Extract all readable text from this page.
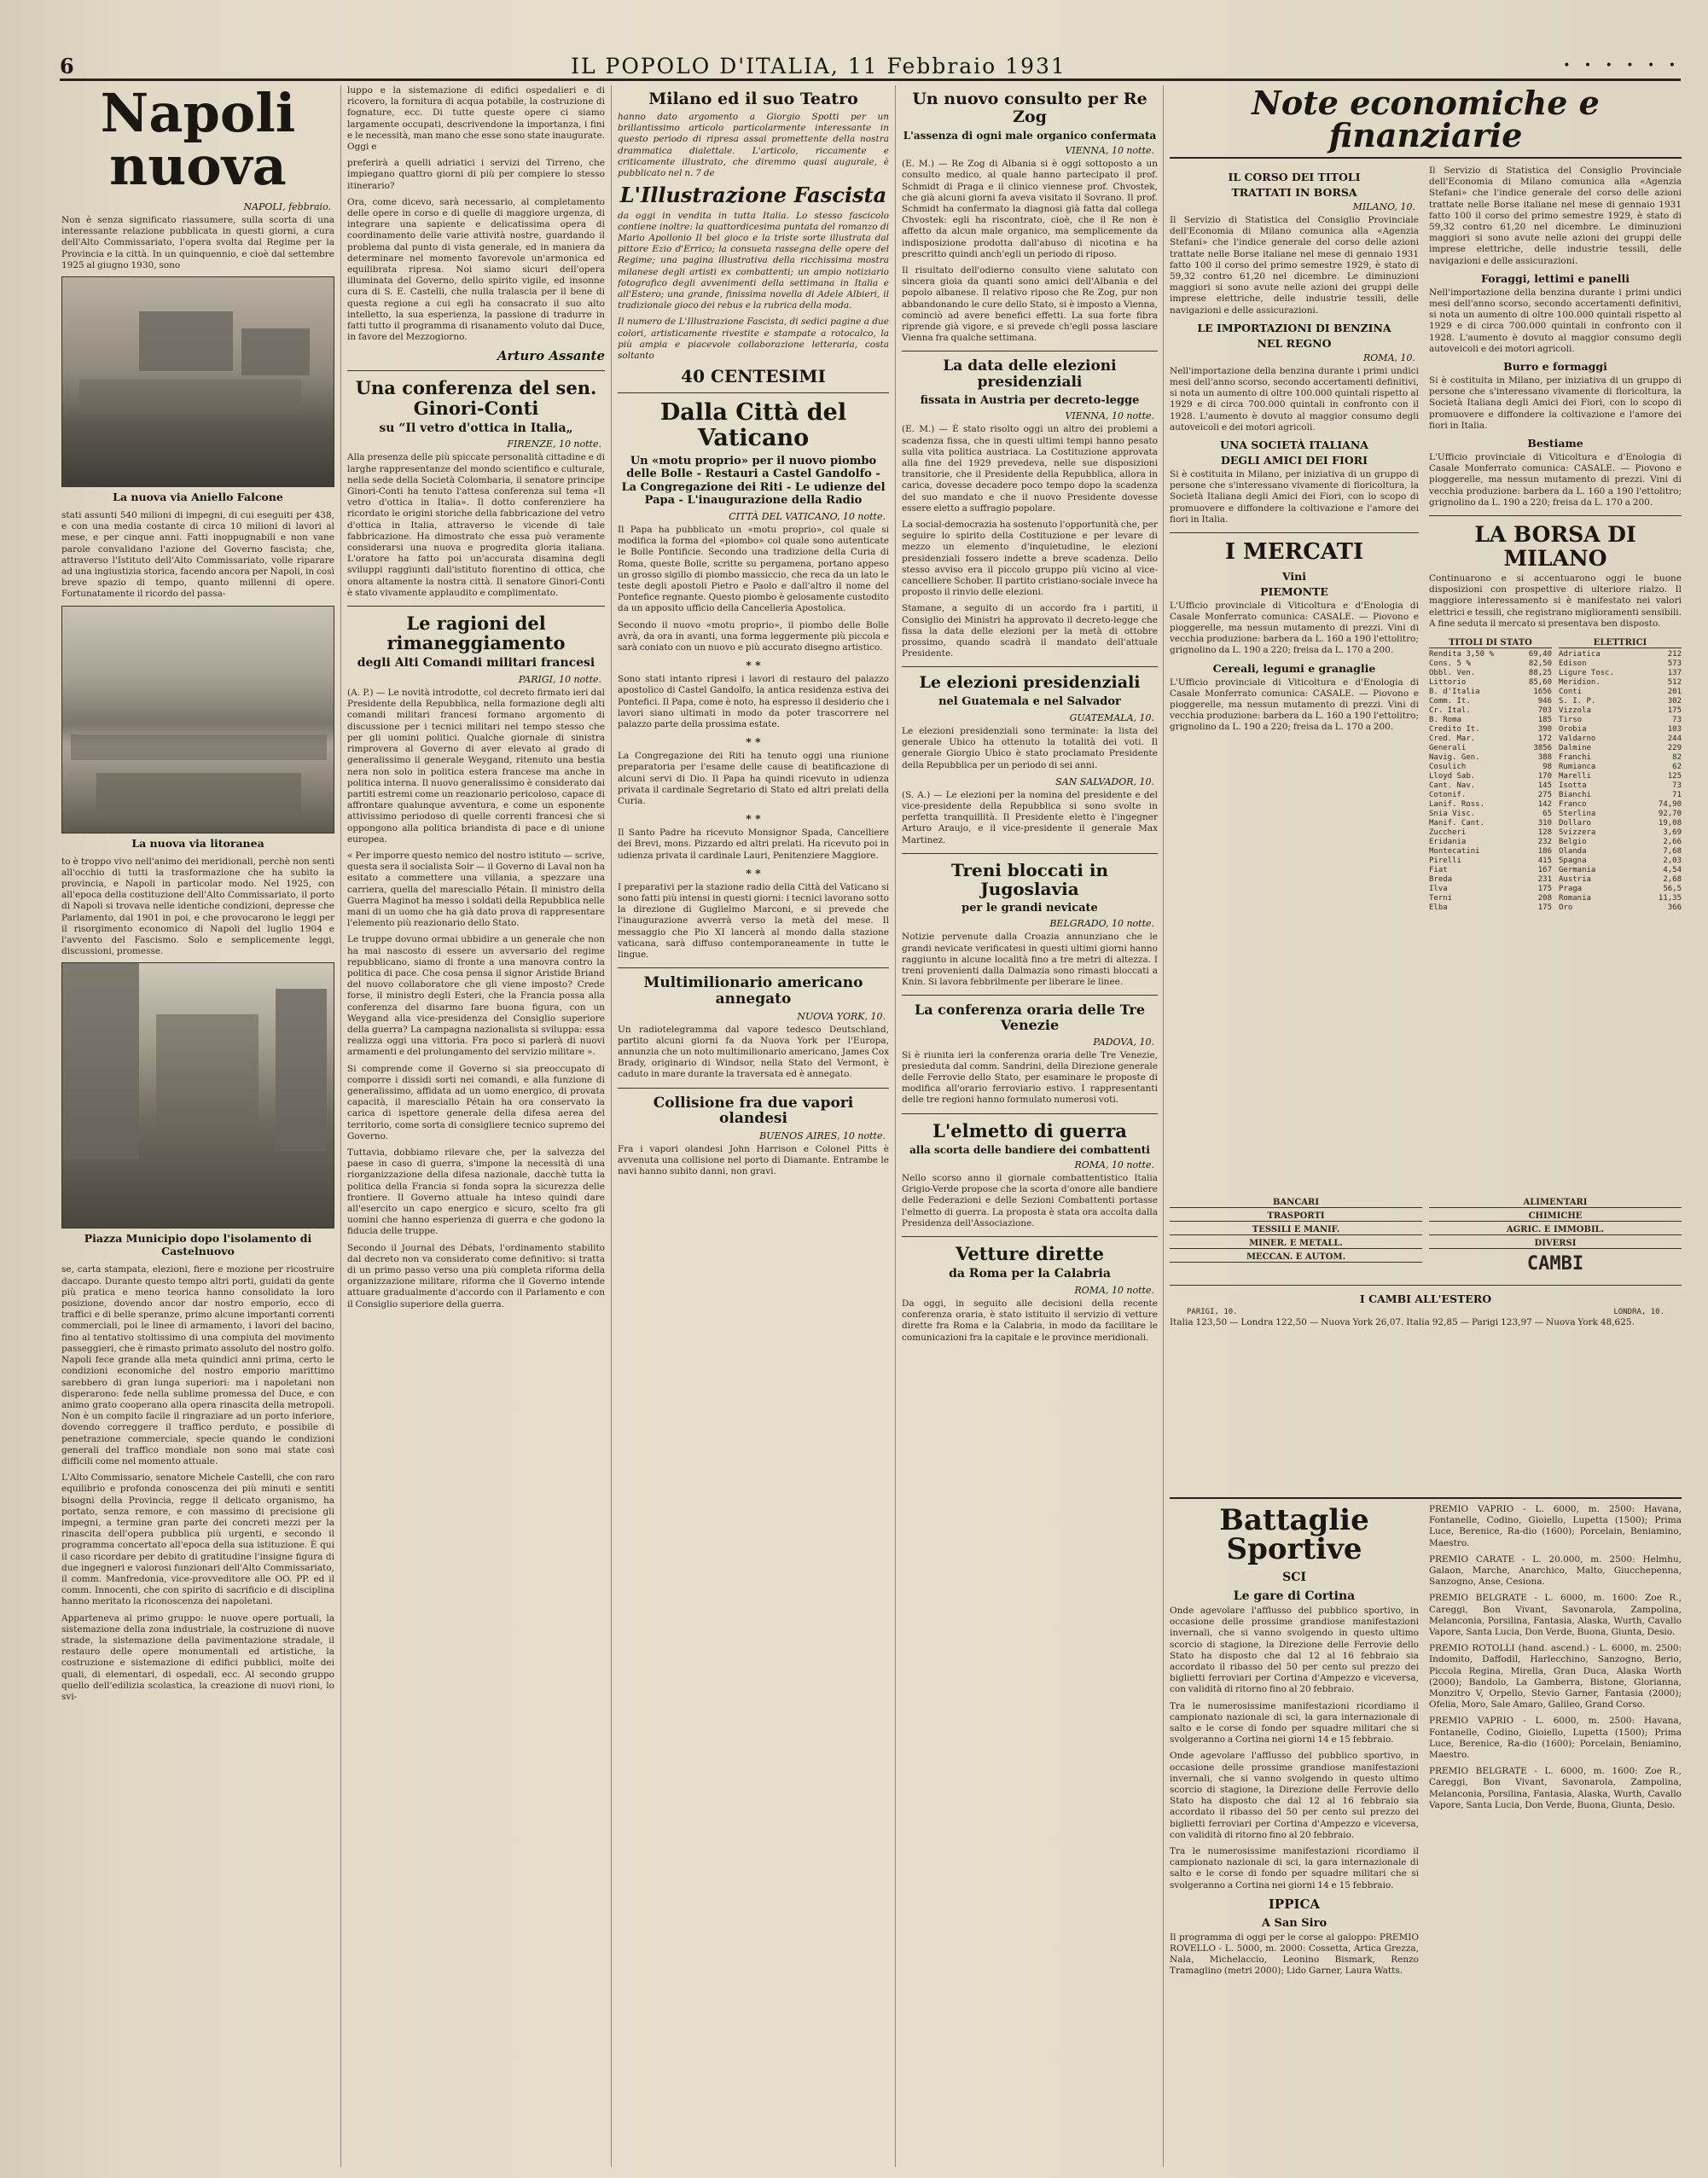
6	IL POPOLO D'ITALIA, 11 Febbraio 1931	• • • • • •
Napoli nuova
NAPOLI, febbraio.

Non è senza significato riassumere, sulla scorta di una interessante relazione pubblicata in questi giorni, a cura dell'Alto Commissariato, l'opera svolta dal Regime per la Provincia e la città. In un quinquennio, e cioè dal settembre 1925 al giugno 1930, sono

La nuova via Aniello Falcone

stati assunti 540 milioni di impegni, di cui eseguiti per 438, e con una media costante di circa 10 milioni di lavori al mese, e per cinque anni. Fatti inoppugnabili e non vane parole convalidano l'azione del Governo fascista; che, attraverso l'Istituto dell'Alto Commissariato, volle riparare ad una ingiustizia storica, facendo ancora per Napoli, in così breve spazio di tempo, quanto millenni di opere. Fortunatamente il ricordo del passa-

La nuova via litoranea

to è troppo vivo nell'animo dei meridionali, perchè non sentì all'occhio di tutti la trasformazione che ha subìto la provincia, e Napoli in particolar modo. Nel 1925, con all'epoca della costituzione dell'Alto Commissariato, il porto di Napoli si trovava nelle identiche condizioni, depresse che Parlamento, dal 1901 in poi, e che provocarono le leggi per il risorgimento economico di Napoli del luglio 1904 e l'avvento del Fascismo. Solo e semplicemente leggi, discussioni, promesse.

Piazza Municipio dopo l'isolamento di Castelnuovo

se, carta stampata, elezioni, fiere e mozione per ricostruire daccapo. Durante questo tempo altri porti, guidati da gente più pratica e meno teorica hanno consolidato la loro posizione, dovendo ancor dar nostro emporio, ecco di traffici e di belle speranze, primo alcune importanti correnti commerciali, poi le linee di armamento, i lavori del bacino, fino al tentativo stoltissimo di una compiuta del movimento passeggieri, che è rimasto primato assoluto del nostro golfo. Napoli fece grande alla meta quindici anni prima, certo le condizioni economiche del nostro emporio marittimo sarebbero di gran lunga superiori: ma i napoletani non disperarono: fede nella sublime promessa del Duce, e con animo grato cooperano alla opera rinascita della metropoli. Non è un compito facile il ringraziare ad un porto inferiore, dovendo correggere il traffico perduto, e possibile di penetrazione commerciale, specie quando le condizioni generali del traffico mondiale non sono mai state così difficili come nel momento attuale.

L'Alto Commissario, senatore Michele Castelli, che con raro equilibrio e profonda conoscenza dei più minuti e sentiti bisogni della Provincia, regge il delicato organismo, ha portato, senza remore, e con massimo di precisione gli impegni, a termine gran parte dei concreti mezzi per la rinascita dell'opera pubblica più urgenti, e secondo il programma concertato all'epoca della sua istituzione. È qui il caso ricordare per debito di gratitudine l'insigne figura di due ingegneri e valorosi funzionari dell'Alto Commissariato, il comm. Manfredonia, vice-provveditore alle OO. PP. ed il comm. Innocenti, che con spirito di sacrificio e di disciplina hanno meritato la riconoscenza dei napoletani.

Apparteneva al primo gruppo: le nuove opere portuali, la sistemazione della zona industriale, la costruzione di nuove strade, la sistemazione della pavimentazione stradale, il restauro delle opere monumentali ed artistiche, la costruzione e sistemazione di edifici pubblici, molte dei quali, di elementari, di ospedali, ecc. Al secondo gruppo quello dell'edilizia scolastica, la creazione di nuovi rioni, lo svi-

luppo e la sistemazione di edifici ospedalieri e di ricovero, la fornitura di acqua potabile, la costruzione di fognature, ecc. Di tutte queste opere ci siamo largamente occupati, descrivendone la importanza, i fini e le necessità, man mano che esse sono state inaugurate. Oggi e

preferirà a quelli adriatici i servizi del Tirreno, che impiegano quattro giorni di più per compiere lo stesso itinerario?

Ora, come dicevo, sarà necessario, al completamento delle opere in corso e di quelle di maggiore urgenza, di integrare una sapiente e delicatissima opera di coordinamento delle varie attività nostre, guardando il problema dal punto di vista generale, ed in maniera da determinare nel momento favorevole un'armonica ed equilibrata ripresa. Noi siamo sicuri dell'opera illuminata del Governo, dello spirito vigile, ed insonne cura di S. E. Castelli, che nulla tralascia per il bene di questa regione a cui egli ha consacrato il suo alto intelletto, la sua esperienza, la passione di tradurre in fatti tutto il programma di risanamento voluto dal Duce, in favore del Mezzogiorno.

Arturo Assante
Una conferenza del sen. Ginori-Conti
su “Il vetro d'ottica in Italia„
FIRENZE, 10 notte.

Alla presenza delle più spiccate personalità cittadine e di larghe rappresentanze del mondo scientifico e culturale, nella sede della Società Colombaria, il senatore principe Ginori-Conti ha tenuto l'attesa conferenza sul tema «Il vetro d'ottica in Italia». Il dotto conferenziere ha ricordato le origini storiche della fabbricazione del vetro d'ottica in Italia, attraverso le vicende di tale fabbricazione. Ha dimostrato che essa può veramente considerarsi una nuova e progredita gloria italiana. L'oratore ha fatto poi un'accurata disamina degli sviluppi raggiunti dall'istituto fiorentino di ottica, che onora altamente la nostra città. Il senatore Ginori-Conti è stato vivamente applaudito e complimentato.

Le ragioni del rimaneggiamento
degli Alti Comandi militari francesi
PARIGI, 10 notte.

(A. P.) — Le novità introdotte, col decreto firmato ieri dal Presidente della Repubblica, nella formazione degli alti comandi militari francesi formano argomento di discussione per i tecnici militari nel tempo stesso che per gli uomini politici. Qualche giornale di sinistra rimprovera al Governo di aver elevato al grado di generalissimo il generale Weygand, ritenuto una bestia nera non solo in politica estera francese ma anche in politica interna. Il nuovo generalissimo è considerato dai partiti estremi come un reazionario pericoloso, capace di affrontare qualunque avventura, e come un esponente attivissimo periodoso di quelle correnti francesi che si oppongono alla politica briandista di pace e di unione europea.

« Per imporre questo nemico del nostro istituto — scrive, questa sera il socialista Soir — il Governo di Laval non ha esitato a commettere una villania, a spezzare una carriera, quella del maresciallo Pétain. Il ministro della Guerra Maginot ha messo i soldati della Repubblica nelle mani di un uomo che ha già dato prova di rappresentare l'elemento più reazionario dello Stato.

Le truppe dovuno ormai ubbidire a un generale che non ha mai nascosto di essere un avversario del regime repubblicano, siamo di fronte a una manovra contro la politica di pace. Che cosa pensa il signor Aristide Briand del nuovo collaboratore che gli viene imposto? Crede forse, il ministro degli Esteri, che la Francia possa alla conferenza del disarmo fare buona figura, con un Weygand alla vice-presidenza del Consiglio superiore della guerra? La campagna nazionalista si sviluppa: essa realizza oggi una vittoria. Fra poco si parlerà di nuovi armamenti e del prolungamento del servizio militare ».

Si comprende come il Governo si sia preoccupato di comporre i dissidi sorti nei comandi, e alla funzione di generalissimo, affidata ad un uomo energico, di provata capacità, il maresciallo Pétain ha ora conservato la carica di ispettore generale della difesa aerea del territorio, come sorta di consigliere tecnico supremo del Governo.

Tuttavia, dobbiamo rilevare che, per la salvezza del paese in caso di guerra, s'impone la necessità di una riorganizzazione della difesa nazionale, dacchè tutta la politica della Francia si fonda sopra la sicurezza delle frontiere. Il Governo attuale ha inteso quindi dare all'esercito un capo energico e sicuro, scelto fra gli uomini che hanno esperienza di guerra e che godono la fiducia delle truppe.

Secondo il Journal des Débats, l'ordinamento stabilito dal decreto non va considerato come definitivo: si tratta di un primo passo verso una più completa riforma della organizzazione militare, riforma che il Governo intende attuare gradualmente d'accordo con il Parlamento e con il Consiglio superiore della guerra.

Milano ed il suo Teatro

hanno dato argomento a Giorgio Spotti per un brillantissimo articolo particolarmente interessante in questo periodo di ripresa assai promettente della nostra drammatica dialettale. L'articolo, riccamente e criticamente illustrato, che diremmo quasi augurale, è pubblicato nel n. 7 de

L'Illustrazione Fascista

da oggi in vendita in tutta Italia. Lo stesso fascicolo contiene inoltre: la quattordicesima puntata del romanzo di Mario Apollonio Il bel gioco e la triste sorte illustrata dal pittore Ezio d'Errico; la consueta rassegna delle opere del Regime; una pagina illustrativa della ricchissima mostra milanese degli artisti ex combattenti; un ampio notiziario fotografico degli avvenimenti della settimana in Italia e all'Estero; una grande, finissima novella di Adele Albieri, il tradizionale gioco dei rebus e la rubrica della moda.

Il numero de L'Illustrazione Fascista, di sedici pagine a due colori, artisticamente rivestite e stampate a rotocalco, la più ampia e piacevole collaborazione letteraria, costa soltanto

40 CENTESIMI
Dalla Città del Vaticano
Un «motu proprio» per il nuovo piombo delle Bolle - Restauri a Castel Gandolfo - La Congregazione dei Riti - Le udienze del Papa - L'inaugurazione della Radio
CITTÀ DEL VATICANO, 10 notte.

Il Papa ha pubblicato un «motu proprio», col quale si modifica la forma del «piombo» col quale sono autenticate le Bolle Pontificie. Secondo una tradizione della Curia di Roma, queste Bolle, scritte su pergamena, portano appeso un grosso sigillo di piombo massiccio, che reca da un lato le teste degli apostoli Pietro e Paolo e dall'altro il nome del Pontefice regnante. Questo piombo è gelosamente custodito da un apposito ufficio della Cancelleria Apostolica.

Secondo il nuovo «motu proprio», il piombo delle Bolle avrà, da ora in avanti, una forma leggermente più piccola e sarà coniato con un nuovo e più accurato disegno artistico.

* *

Sono stati intanto ripresi i lavori di restauro del palazzo apostolico di Castel Gandolfo, la antica residenza estiva dei Pontefici. Il Papa, come è noto, ha espresso il desiderio che i lavori siano ultimati in modo da poter trascorrere nel palazzo parte della prossima estate.

* *

La Congregazione dei Riti ha tenuto oggi una riunione preparatoria per l'esame delle cause di beatificazione di alcuni servi di Dio. Il Papa ha quindi ricevuto in udienza privata il cardinale Segretario di Stato ed altri prelati della Curia.

* *

Il Santo Padre ha ricevuto Monsignor Spada, Cancelliere dei Brevi, mons. Pizzardo ed altri prelati. Ha ricevuto poi in udienza privata il cardinale Lauri, Penitenziere Maggiore.

* *

I preparativi per la stazione radio della Città del Vaticano si sono fatti più intensi in questi giorni: i tecnici lavorano sotto la direzione di Guglielmo Marconi, e si prevede che l'inaugurazione avverrà verso la metà del mese. Il messaggio che Pio XI lancerà al mondo dalla stazione vaticana, sarà diffuso contemporaneamente in tutte le lingue.

Multimilionario americano annegato
NUOVA YORK, 10.

Un radiotelegramma dal vapore tedesco Deutschland, partito alcuni giorni fa da Nuova York per l'Europa, annunzia che un noto multimilionario americano, James Cox Brady, originario di Windsor, nella Stato del Vermont, è caduto in mare durante la traversata ed è annegato.

Collisione fra due vapori olandesi
BUENOS AIRES, 10 notte.

Fra i vapori olandesi John Harrison e Colonel Pitts è avvenuta una collisione nel porto di Diamante. Entrambe le navi hanno subito danni, non gravi.

Un nuovo consulto per Re Zog
L'assenza di ogni male organico confermata
VIENNA, 10 notte.

(E. M.) — Re Zog di Albania si è oggi sottoposto a un consulto medico, al quale hanno partecipato il prof. Schmidt di Praga e il clinico viennese prof. Chvostek, che già alcuni giorni fa aveva visitato il Sovrano. Il prof. Schmidt ha confermato la diagnosi già fatta dal collega Chvostek: egli ha riscontrato, cioè, che il Re non è affetto da alcun male organico, ma semplicemente da indisposizione prodotta dall'abuso di nicotina e ha prescritto quindi anch'egli un periodo di riposo.

Il risultato dell'odierno consulto viene salutato con sincera gioia da quanti sono amici dell'Albania e del popolo albanese. Il relativo riposo che Re Zog, pur non abbandonando le cure dello Stato, si è imposto a Vienna, cominciò ad avere benefici effetti. La sua forte fibra riprende già vigore, e si prevede ch'egli possa lasciare Vienna fra qualche settimana.

La data delle elezioni presidenziali
fissata in Austria per decreto-legge
VIENNA, 10 notte.

(E. M.) — È stato risolto oggi un altro dei problemi a scadenza fissa, che in questi ultimi tempi hanno pesato sulla vita politica austriaca. La Costituzione approvata alla fine del 1929 prevedeva, nelle sue disposizioni transitorie, che il Presidente della Repubblica, allora in carica, dovesse decadere poco tempo dopo la scadenza del suo mandato e che il nuovo Presidente dovesse essere eletto a suffragio popolare.

La social-democrazia ha sostenuto l'opportunità che, per seguire lo spirito della Costituzione e per levare di mezzo un elemento d'inquietudine, le elezioni presidenziali fossero indette a breve scadenza. Dello stesso avviso era il piccolo gruppo più vicino al vice-cancelliere Schober. Il partito cristiano-sociale invece ha proposto il rinvio delle elezioni.

Stamane, a seguito di un accordo fra i partiti, il Consiglio dei Ministri ha approvato il decreto-legge che fissa la data delle elezioni per la metà di ottobre prossimo, quando scadrà il mandato dell'attuale Presidente.

Le elezioni presidenziali
nel Guatemala e nel Salvador
GUATEMALA, 10.

Le elezioni presidenziali sono terminate: la lista del generale Ubico ha ottenuto la totalità dei voti. Il generale Giorgio Ubico è stato proclamato Presidente della Repubblica per un periodo di sei anni.

SAN SALVADOR, 10.

(S. A.) — Le elezioni per la nomina del presidente e del vice-presidente della Repubblica si sono svolte in perfetta tranquillità. Il Presidente eletto è l'ingegner Arturo Araujo, e il vice-presidente il generale Max Martinez.

Treni bloccati in Jugoslavia
per le grandi nevicate
BELGRADO, 10 notte.

Notizie pervenute dalla Croazia annunziano che le grandi nevicate verificatesi in questi ultimi giorni hanno raggiunto in alcune località fino a tre metri di altezza. I treni provenienti dalla Dalmazia sono rimasti bloccati a Knin. Si lavora febbrilmente per liberare le linee.

La conferenza oraria delle Tre Venezie
PADOVA, 10.

Si è riunita ieri la conferenza oraria delle Tre Venezie, presieduta dal comm. Sandrini, della Direzione generale delle Ferrovie dello Stato, per esaminare le proposte di modifica all'orario ferroviario estivo. I rappresentanti delle tre regioni hanno formulato numerosi voti.

L'elmetto di guerra
alla scorta delle bandiere dei combattenti
ROMA, 10 notte.

Nello scorso anno il giornale combattentistico Italia Grigio-Verde propose che la scorta d'onore alle bandiere delle Federazioni e delle Sezioni Combattenti portasse l'elmetto di guerra. La proposta è stata ora accolta dalla Presidenza dell'Associazione.

Vetture dirette
da Roma per la Calabria
ROMA, 10 notte.

Da oggi, in seguito alle decisioni della recente conferenza oraria, è stato istituito il servizio di vetture dirette fra Roma e la Calabria, in modo da facilitare le comunicazioni fra la capitale e le province meridionali.

Note economiche e finanziarie
IL CORSO DEI TITOLI
TRATTATI IN BORSA
MILANO, 10.

Il Servizio di Statistica del Consiglio Provinciale dell'Economia di Milano comunica alla «Agenzia Stefani» che l'indice generale del corso delle azioni trattate nelle Borse italiane nel mese di gennaio 1931 fatto 100 il corso del primo semestre 1929, è stato di 59,32 contro 61,20 nel dicembre. Le diminuzioni maggiori si sono avute nelle azioni dei gruppi delle imprese elettriche, delle industrie tessili, delle navigazioni e delle assicurazioni.

LE IMPORTAZIONI DI BENZINA
NEL REGNO
ROMA, 10.

Nell'importazione della benzina durante i primi undici mesi dell'anno scorso, secondo accertamenti definitivi, si nota un aumento di oltre 100.000 quintali rispetto al 1929 e di circa 700.000 quintali in confronto con il 1928. L'aumento è dovuto al maggior consumo degli autoveicoli e dei motori agricoli.

UNA SOCIETÀ ITALIANA
DEGLI AMICI DEI FIORI

Si è costituita in Milano, per iniziativa di un gruppo di persone che s'interessano vivamente di floricoltura, la Società Italiana degli Amici dei Fiori, con lo scopo di promuovere e diffondere la coltivazione e l'amore dei fiori in Italia.

I MERCATI
Vini
PIEMONTE

L'Ufficio provinciale di Viticoltura e d'Enologia di Casale Monferrato comunica: CASALE. — Piovono e pioggerelle, ma nessun mutamento di prezzi. Vini di vecchia produzione: barbera da L. 160 a 190 l'ettolitro; grignolino da L. 190 a 220; freisa da L. 170 a 200.

Cereali, legumi e granaglie

L'Ufficio provinciale di Viticoltura e d'Enologia di Casale Monferrato comunica: CASALE. — Piovono e pioggerelle, ma nessun mutamento di prezzi. Vini di vecchia produzione: barbera da L. 160 a 190 l'ettolitro; grignolino da L. 190 a 220; freisa da L. 170 a 200.

Il Servizio di Statistica del Consiglio Provinciale dell'Economia di Milano comunica alla «Agenzia Stefani» che l'indice generale del corso delle azioni trattate nelle Borse italiane nel mese di gennaio 1931 fatto 100 il corso del primo semestre 1929, è stato di 59,32 contro 61,20 nel dicembre. Le diminuzioni maggiori si sono avute nelle azioni dei gruppi delle imprese elettriche, delle industrie tessili, delle navigazioni e delle assicurazioni.

Foraggi, lettimi e panelli

Nell'importazione della benzina durante i primi undici mesi dell'anno scorso, secondo accertamenti definitivi, si nota un aumento di oltre 100.000 quintali rispetto al 1929 e di circa 700.000 quintali in confronto con il 1928. L'aumento è dovuto al maggior consumo degli autoveicoli e dei motori agricoli.

Burro e formaggi

Si è costituita in Milano, per iniziativa di un gruppo di persone che s'interessano vivamente di floricoltura, la Società Italiana degli Amici dei Fiori, con lo scopo di promuovere e diffondere la coltivazione e l'amore dei fiori in Italia.

Bestiame

L'Ufficio provinciale di Viticoltura e d'Enologia di Casale Monferrato comunica: CASALE. — Piovono e pioggerelle, ma nessun mutamento di prezzi. Vini di vecchia produzione: barbera da L. 160 a 190 l'ettolitro; grignolino da L. 190 a 220; freisa da L. 170 a 200.

LA BORSA DI MILANO

Continuarono e si accentuarono oggi le buone disposizioni con prospettive di ulteriore rialzo. Il maggiore interessamento si è manifestato nei valori elettrici e tessili, che registrano miglioramenti sensibili. A fine seduta il mercato si presentava ben disposto.

TITOLI DI STATO
Rendita 3,50 %	69,40
Cons. 5 %	82,50
Obbl. Ven.	88,25
Littorio	85,60
B. d'Italia	1656
Comm. It.	946
Cr. Ital.	703
B. Roma	185
Credito It.	390
Cred. Mar.	172
Generali	3856
Navig. Gen.	388
Cosulich	98
Lloyd Sab.	170
Cant. Nav.	145
Cotonif.	275
Lanif. Ross.	142
Snia Visc.	65
Manif. Cant.	310
Zuccheri	128
Eridania	232
Montecatini	186
Pirelli	415
Fiat	167
Breda	231
Ilva	175
Terni	208
Elba	175
ELETTRICI
Adriatica	212
Edison	573
Ligure Tosc.	137
Meridion.	512
Conti	201
S. I. P.	302
Vizzola	175
Tirso	73
Orobia	103
Valdarno	244
Dalmine	229
Franchi	82
Rumianca	62
Marelli	125
Isotta	73
Bianchi	71
Franco	74,90
Sterlina	92,70
Dollaro	19,08
Svizzera	3,69
Belgio	2,66
Olanda	7,68
Spagna	2,03
Germania	4,54
Austria	2,68
Praga	56,5
Romania	11,35
Oro	366
BANCARI
TRASPORTI
TESSILI E MANIF.
MINER. E METALL.
MECCAN. E AUTOM.
ALIMENTARI
CHIMICHE
AGRIC. E IMMOBIL.
DIVERSI
CAMBI
I CAMBI ALL'ESTERO
PARIGI, 10.	LONDRA, 10.

Italia 123,50 — Londra 122,50 — Nuova York 26,07. Italia 92,85 — Parigi 123,97 — Nuova York 48,625.

Battaglie Sportive
SCI
Le gare di Cortina

Onde agevolare l'afflusso del pubblico sportivo, in occasione delle prossime grandiose manifestazioni invernali, che si vanno svolgendo in questo ultimo scorcio di stagione, la Direzione delle Ferrovie dello Stato ha disposto che dal 12 al 16 febbraio sia accordato il ribasso del 50 per cento sul prezzo dei biglietti ferroviari per Cortina d'Ampezzo e viceversa, con validità di ritorno fino al 20 febbraio.

Tra le numerosissime manifestazioni ricordiamo il campionato nazionale di sci, la gara internazionale di salto e le corse di fondo per squadre militari che si svolgeranno a Cortina nei giorni 14 e 15 febbraio.

Onde agevolare l'afflusso del pubblico sportivo, in occasione delle prossime grandiose manifestazioni invernali, che si vanno svolgendo in questo ultimo scorcio di stagione, la Direzione delle Ferrovie dello Stato ha disposto che dal 12 al 16 febbraio sia accordato il ribasso del 50 per cento sul prezzo dei biglietti ferroviari per Cortina d'Ampezzo e viceversa, con validità di ritorno fino al 20 febbraio.

Tra le numerosissime manifestazioni ricordiamo il campionato nazionale di sci, la gara internazionale di salto e le corse di fondo per squadre militari che si svolgeranno a Cortina nei giorni 14 e 15 febbraio.

IPPICA
A San Siro

Il programma di oggi per le corse al galoppo: PREMIO ROVELLO - L. 5000, m. 2000: Cossetta, Artica Grezza, Nala, Michelaccio, Leonino Bismark, Renzo Tramaglino (metri 2000); Lido Garner, Laura Watts.

PREMIO VAPRIO - L. 6000, m. 2500: Havana, Fontanelle, Codino, Gioiello, Lupetta (1500); Prima Luce, Berenice, Ra-dio (1600); Porcelain, Beniamino, Maestro.

PREMIO CARATE - L. 20.000, m. 2500: Helmhu, Galaon, Marche, Anarchico, Malto, Giucchepenna, Sanzogno, Anse, Cesiona.

PREMIO BELGRATE - L. 6000, m. 1600: Zoe R., Careggi, Bon Vivant, Savonarola, Zampolina, Melanconia, Porsilina, Fantasia, Alaska, Wurth, Cavallo Vapore, Santa Lucia, Don Verde, Buona, Giunta, Desio.

PREMIO ROTOLLI (hand. ascend.) - L. 6000, m. 2500: Indomito, Daffodil, Harlecchino, Sanzogno, Berio, Piccola Regina, Mirella, Gran Duca, Alaska Worth (2000); Bandolo, La Gamberra, Bistone, Glorianna, Monzitro V, Orpello, Stevio Garner, Fantasia (2000); Ofelia, Moro, Sale Amaro, Galileo, Grand Corso.

PREMIO VAPRIO - L. 6000, m. 2500: Havana, Fontanelle, Codino, Gioiello, Lupetta (1500); Prima Luce, Berenice, Ra-dio (1600); Porcelain, Beniamino, Maestro.

PREMIO BELGRATE - L. 6000, m. 1600: Zoe R., Careggi, Bon Vivant, Savonarola, Zampolina, Melanconia, Porsilina, Fantasia, Alaska, Wurth, Cavallo Vapore, Santa Lucia, Don Verde, Buona, Giunta, Desio.
